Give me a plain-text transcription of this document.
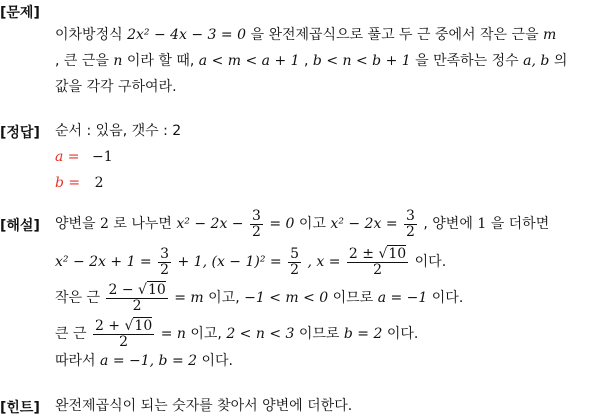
[문제]
이차방정식 2x² − 4x − 3 = 0 을 완전제곱식으로 풀고 두 근 중에서 작은 근을 m
, 큰 근을 n 이라 할 때, a < m < a + 1 , b < n < b + 1 을 만족하는 정수 a, b 의
값을 각각 구하여라.
[정답] 순서 : 있음, 갯수 : 2
a = −1
b = 2
[해설] 양변을 2 로 나누면 $x^2 - 2x - \frac{3}{2} = 0$ 이고 $x^2 - 2x = \frac{3}{2}$ , 양변에 1 을 더하면
$x^2 - 2x + 1 = \frac{3}{2} + 1$, $(x - 1)^2 = \frac{5}{2}$ , $x = \frac{2 \pm √10}{2}$ 이다.
작은 근 $\frac{2 - √10}{2} = m$ 이고, −1 < m < 0 이므로 a = −1 이다.
큰 근 $\frac{2 + √10}{2} = n$ 이고, 2 < n < 3 이므로 b = 2 이다.
따라서 a = −1, b = 2 이다.
[힌트] 완전제곱식이 되는 숫자를 찾아서 양변에 더한다.
